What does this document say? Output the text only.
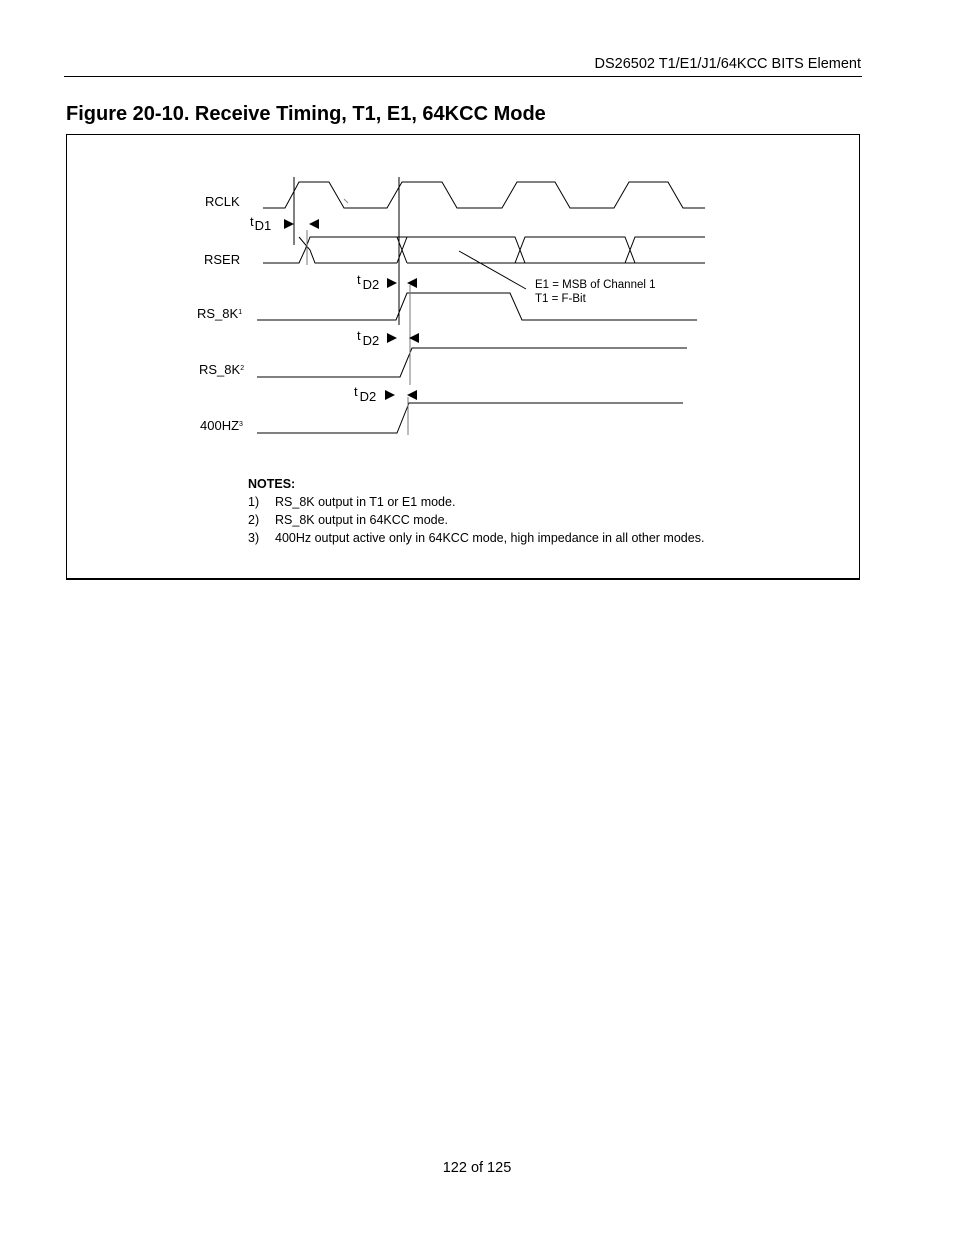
DS26502 T1/E1/J1/64KCC BITS Element
Figure 20-10. Receive Timing, T1, E1, 64KCC Mode
RCLK
RSER
$RS\_8K^1$
$RS\_8K^2$
$400HZ^3$
tD1
t D2
t D2
t D2
E1 = MSB of Channel 1
T1 = F-Bit
NOTES:
1) RS_8K output in T1 or E1 mode.
2) RS_8K output in 64KCC mode.
3) 400Hz output active only in 64KCC mode, high impedance in all other modes.
122 of 125
